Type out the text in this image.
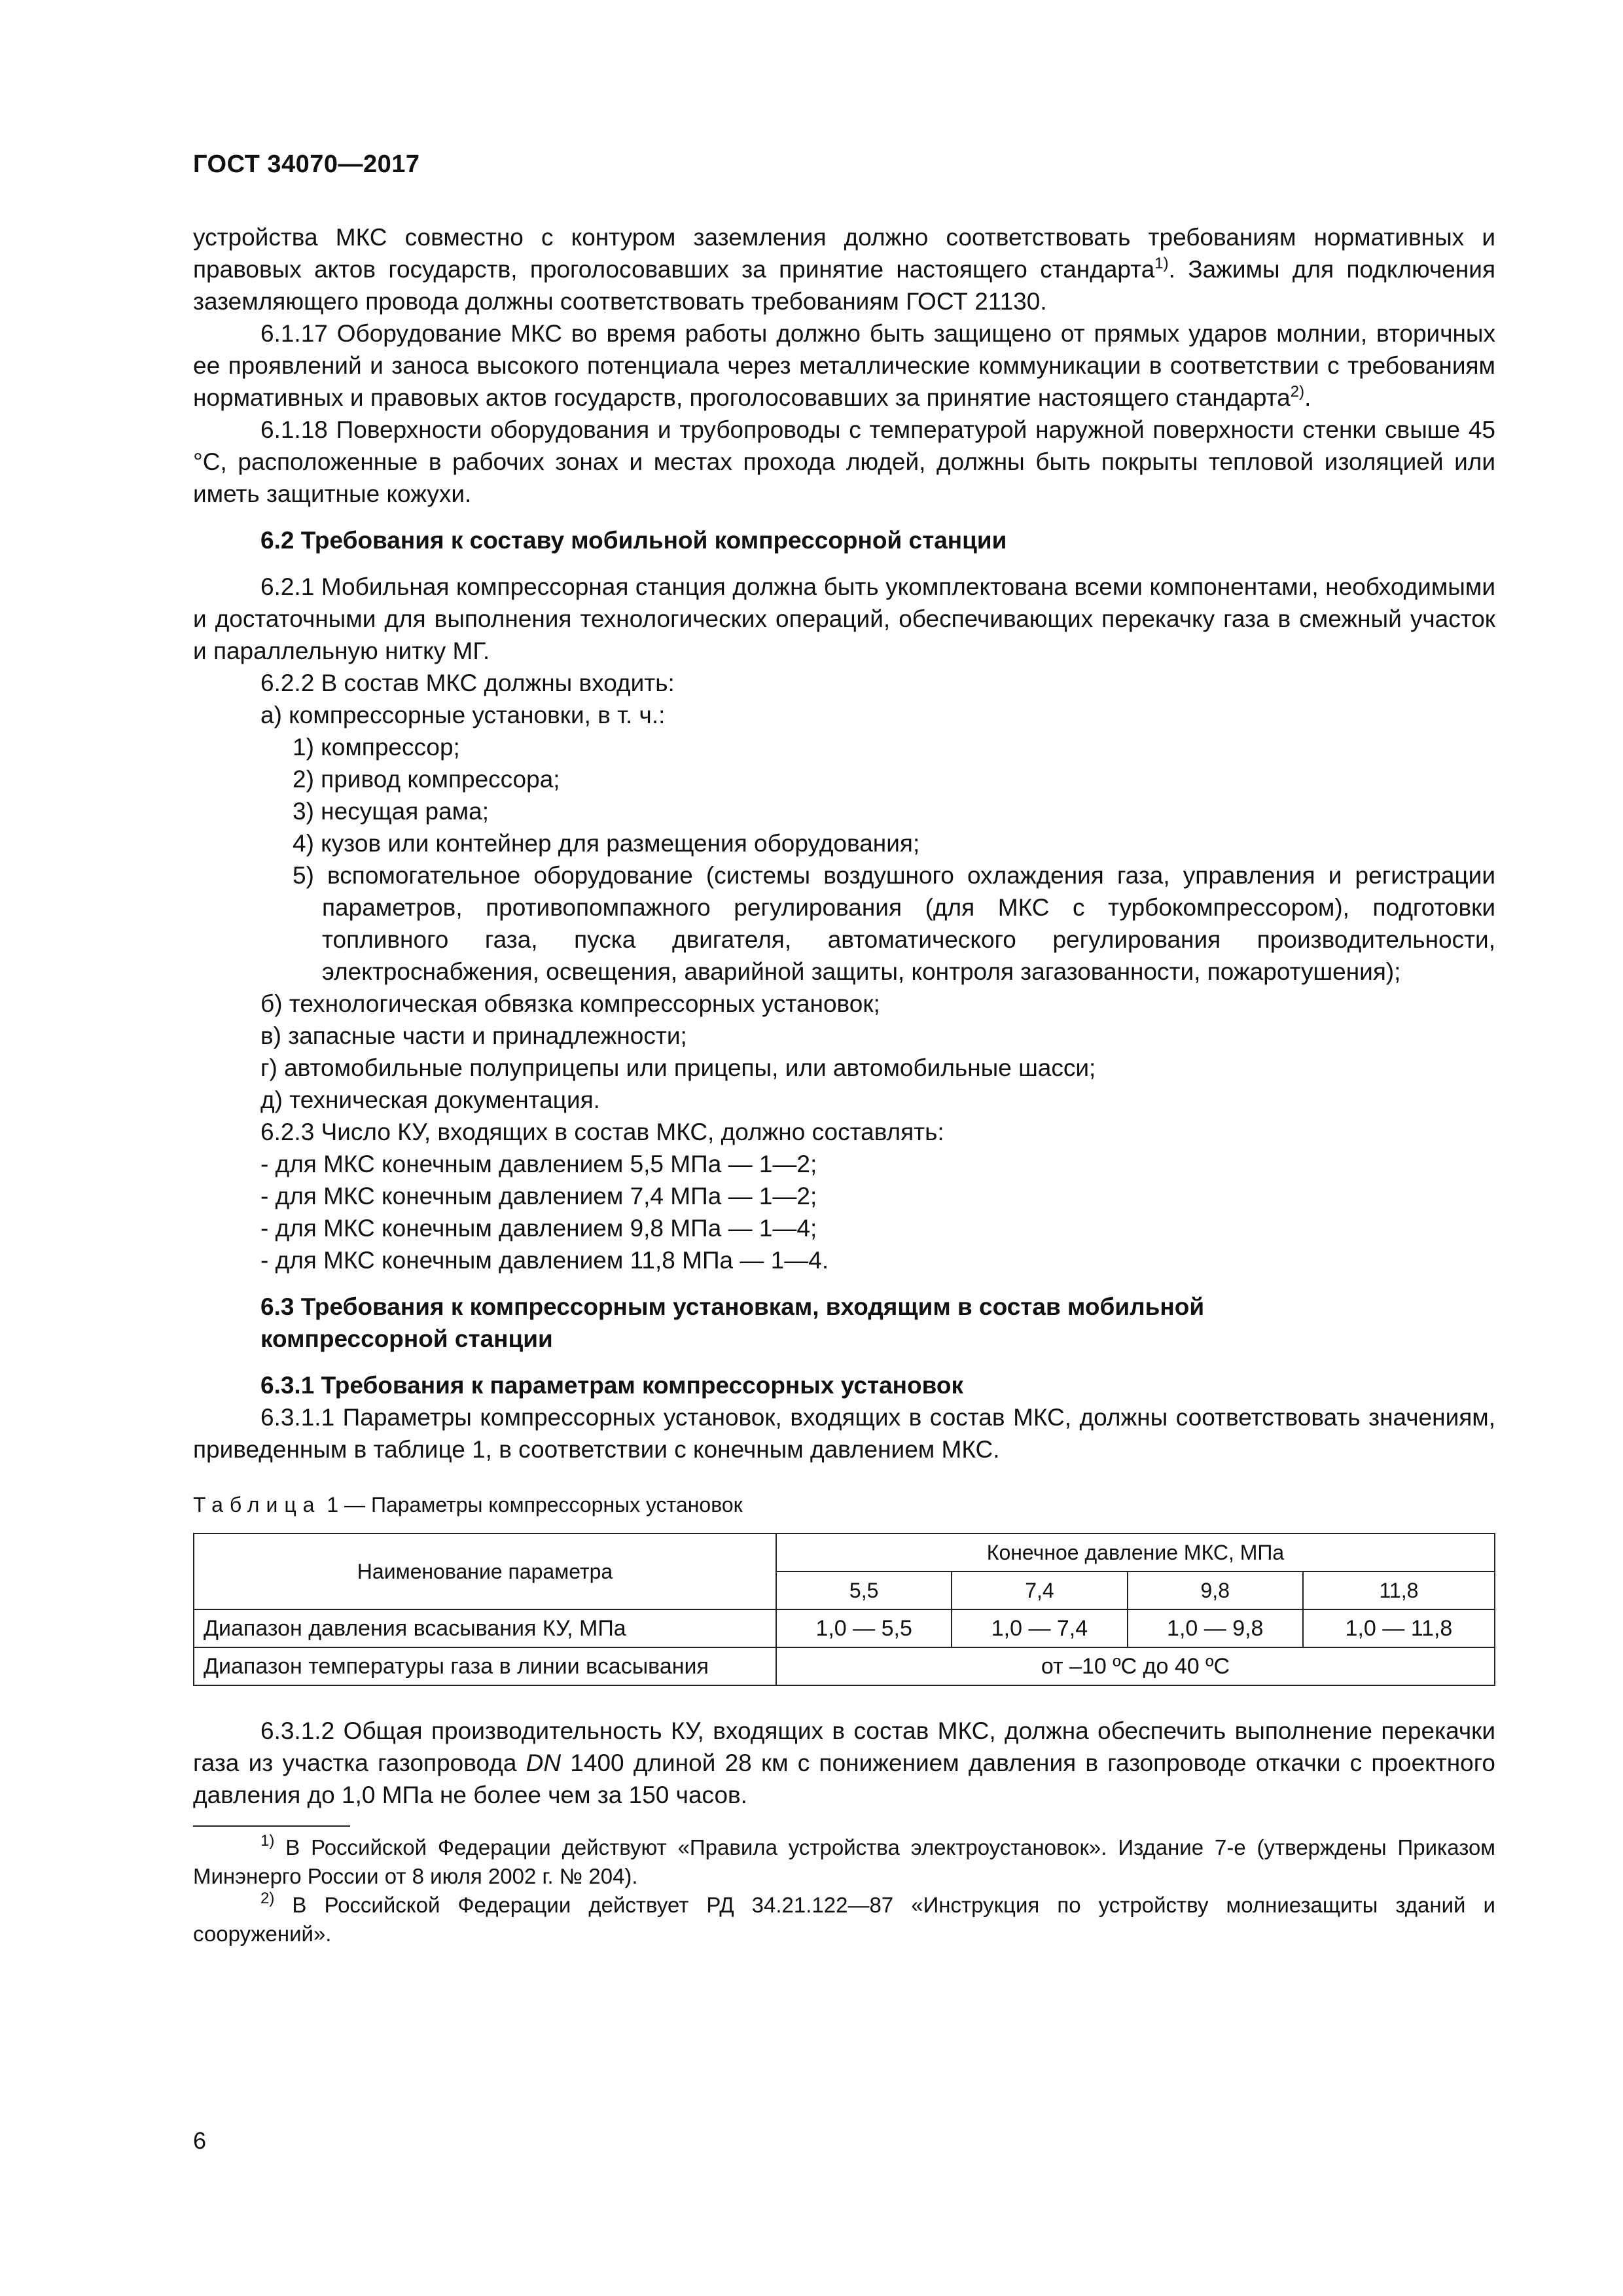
ГОСТ 34070—2017

устройства МКС совместно с контуром заземления должно соответствовать требованиям нормативных и правовых актов государств, проголосовавших за принятие настоящего стандарта$^{1)}$. Зажимы для подключения заземляющего провода должны соответствовать требованиям ГОСТ 21130.

6.1.17 Оборудование МКС во время работы должно быть защищено от прямых ударов молнии, вторичных ее проявлений и заноса высокого потенциала через металлические коммуникации в соответствии с требованиям нормативных и правовых актов государств, проголосовавших за принятие настоящего стандарта$^{2)}$.

6.1.18 Поверхности оборудования и трубопроводы с температурой наружной поверхности стенки свыше 45 °С, расположенные в рабочих зонах и местах прохода людей, должны быть покрыты тепловой изоляцией или иметь защитные кожухи.

6.2 Требования к составу мобильной компрессорной станции

6.2.1 Мобильная компрессорная станция должна быть укомплектована всеми компонентами, необходимыми и достаточными для выполнения технологических операций, обеспечивающих перекачку газа в смежный участок и параллельную нитку МГ.

6.2.2 В состав МКС должны входить:

а) компрессорные установки, в т. ч.:

1) компрессор;

2) привод компрессора;

3) несущая рама;

4) кузов или контейнер для размещения оборудования;

5) вспомогательное оборудование (системы воздушного охлаждения газа, управления и регистрации параметров, противопомпажного регулирования (для МКС с турбокомпрессором), подготовки топливного газа, пуска двигателя, автоматического регулирования производительности, электроснабжения, освещения, аварийной защиты, контроля загазованности, пожаротушения);

б) технологическая обвязка компрессорных установок;

в) запасные части и принадлежности;

г) автомобильные полуприцепы или прицепы, или автомобильные шасси;

д) техническая документация.

6.2.3 Число КУ, входящих в состав МКС, должно составлять:

- для МКС конечным давлением 5,5 МПа — 1—2;

- для МКС конечным давлением 7,4 МПа — 1—2;

- для МКС конечным давлением 9,8 МПа — 1—4;

- для МКС конечным давлением 11,8 МПа — 1—4.

6.3 Требования к компрессорным установкам, входящим в состав мобильной

компрессорной станции

6.3.1 Требования к параметрам компрессорных установок

6.3.1.1 Параметры компрессорных установок, входящих в состав МКС, должны соответствовать значениям, приведенным в таблице 1, в соответствии с конечным давлением МКС.

Таблица 1 — Параметры компрессорных установок
Наименование параметра	Конечное давление МКС, МПа			
	5,5	7,4	9,8	11,8
Диапазон давления всасывания КУ, МПа	1,0 — 5,5	1,0 — 7,4	1,0 — 9,8	1,0 — 11,8
Диапазон температуры газа в линии всасывания	от –10 ºС до 40 ºС			

6.3.1.2 Общая производительность КУ, входящих в состав МКС, должна обеспечить выполнение перекачки газа из участка газопровода DN 1400 длиной 28 км с понижением давления в газопроводе откачки с проектного давления до 1,0 МПа не более чем за 150 часов.

$^{1)}$ В Российской Федерации действуют «Правила устройства электроустановок». Издание 7-е (утверждены Приказом Минэнерго России от 8 июля 2002 г. № 204).
$^{2)}$ В Российской Федерации действует РД 34.21.122—87 «Инструкция по устройству молниезащиты зданий и сооружений».
6
